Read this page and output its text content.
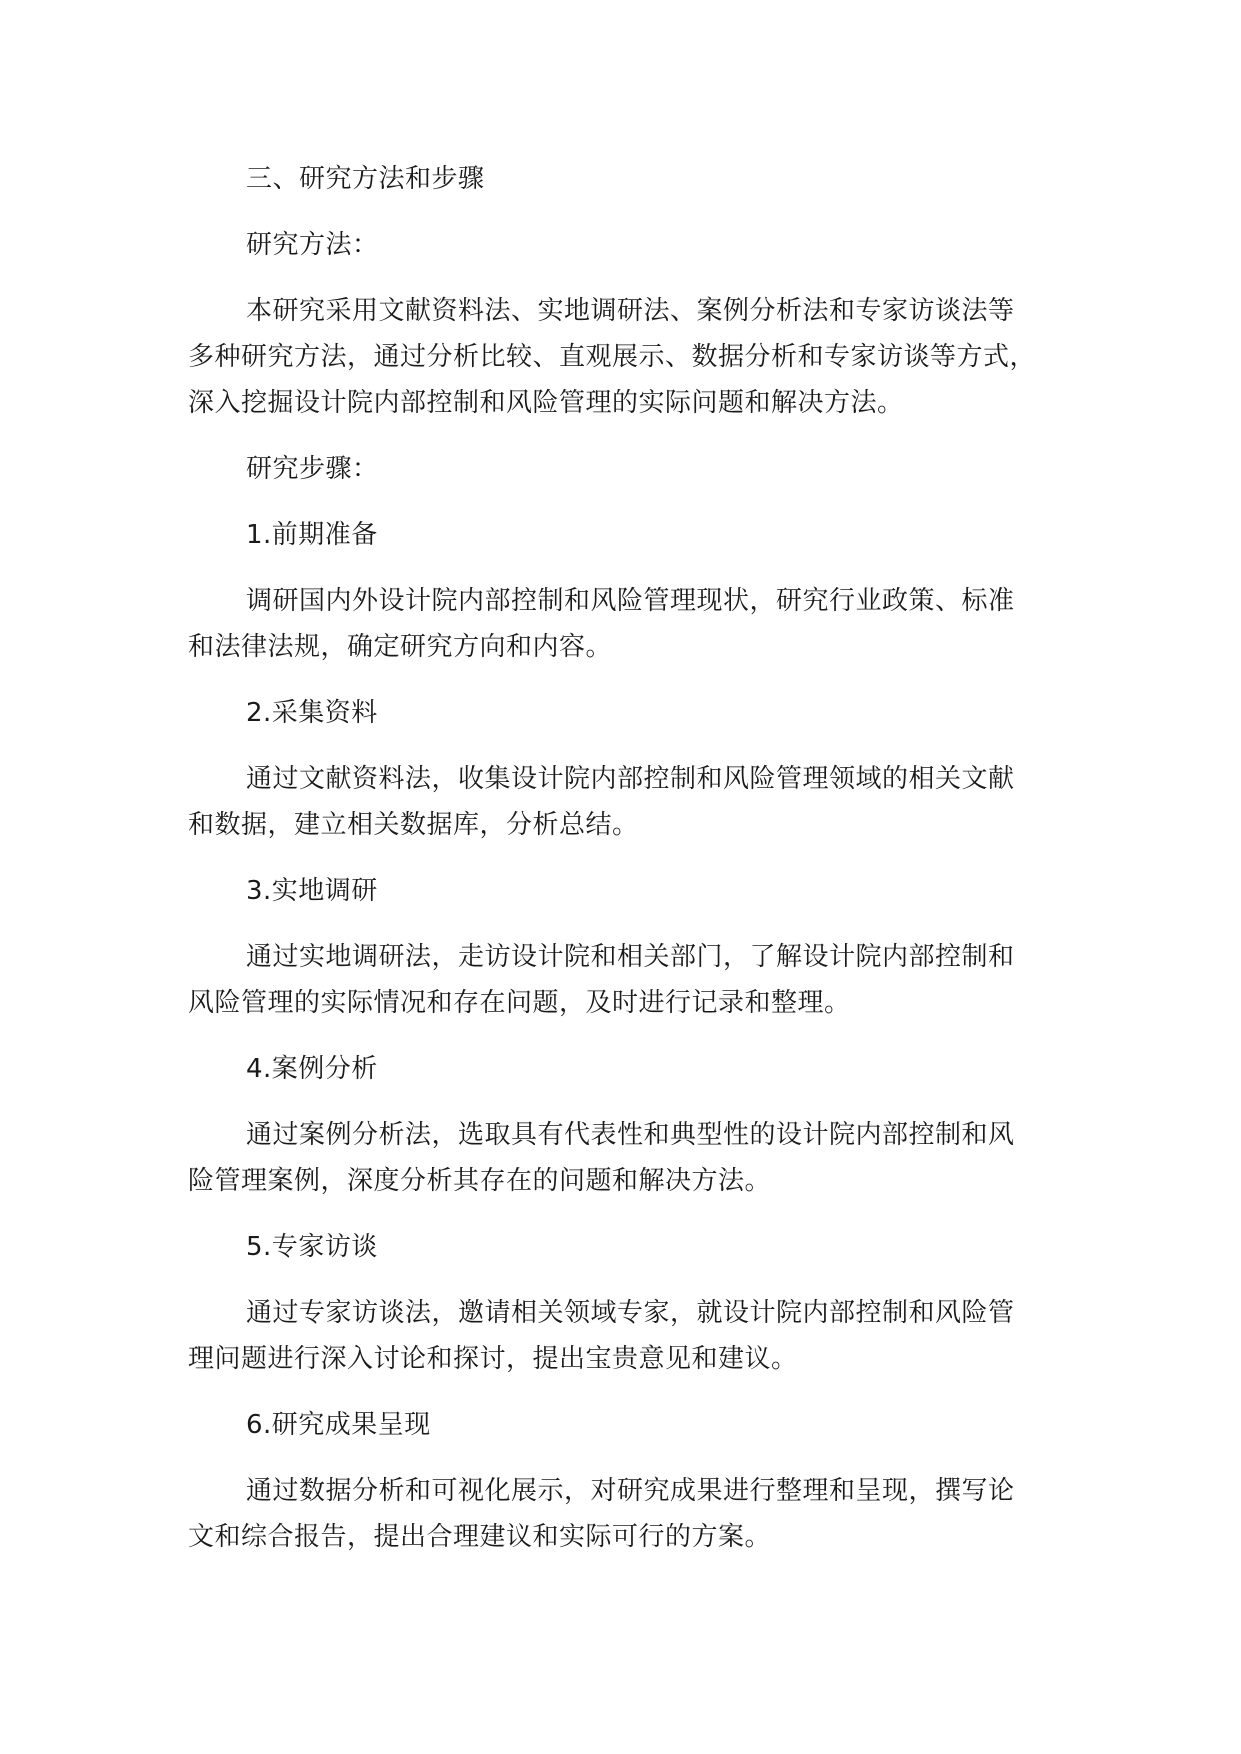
三、研究方法和步骤

研究方法：

本研究采用文献资料法、实地调研法、案例分析法和专家访谈法等多种研究方法，通过分析比较、直观展示、数据分析和专家访谈等方式，深入挖掘设计院内部控制和风险管理的实际问题和解决方法。

研究步骤：

1.前期准备

调研国内外设计院内部控制和风险管理现状，研究行业政策、标准和法律法规，确定研究方向和内容。

2.采集资料

通过文献资料法，收集设计院内部控制和风险管理领域的相关文献和数据，建立相关数据库，分析总结。

3.实地调研

通过实地调研法，走访设计院和相关部门，了解设计院内部控制和风险管理的实际情况和存在问题，及时进行记录和整理。

4.案例分析

通过案例分析法，选取具有代表性和典型性的设计院内部控制和风险管理案例，深度分析其存在的问题和解决方法。

5.专家访谈

通过专家访谈法，邀请相关领域专家，就设计院内部控制和风险管理问题进行深入讨论和探讨，提出宝贵意见和建议。

6.研究成果呈现

通过数据分析和可视化展示，对研究成果进行整理和呈现，撰写论文和综合报告，提出合理建议和实际可行的方案。
